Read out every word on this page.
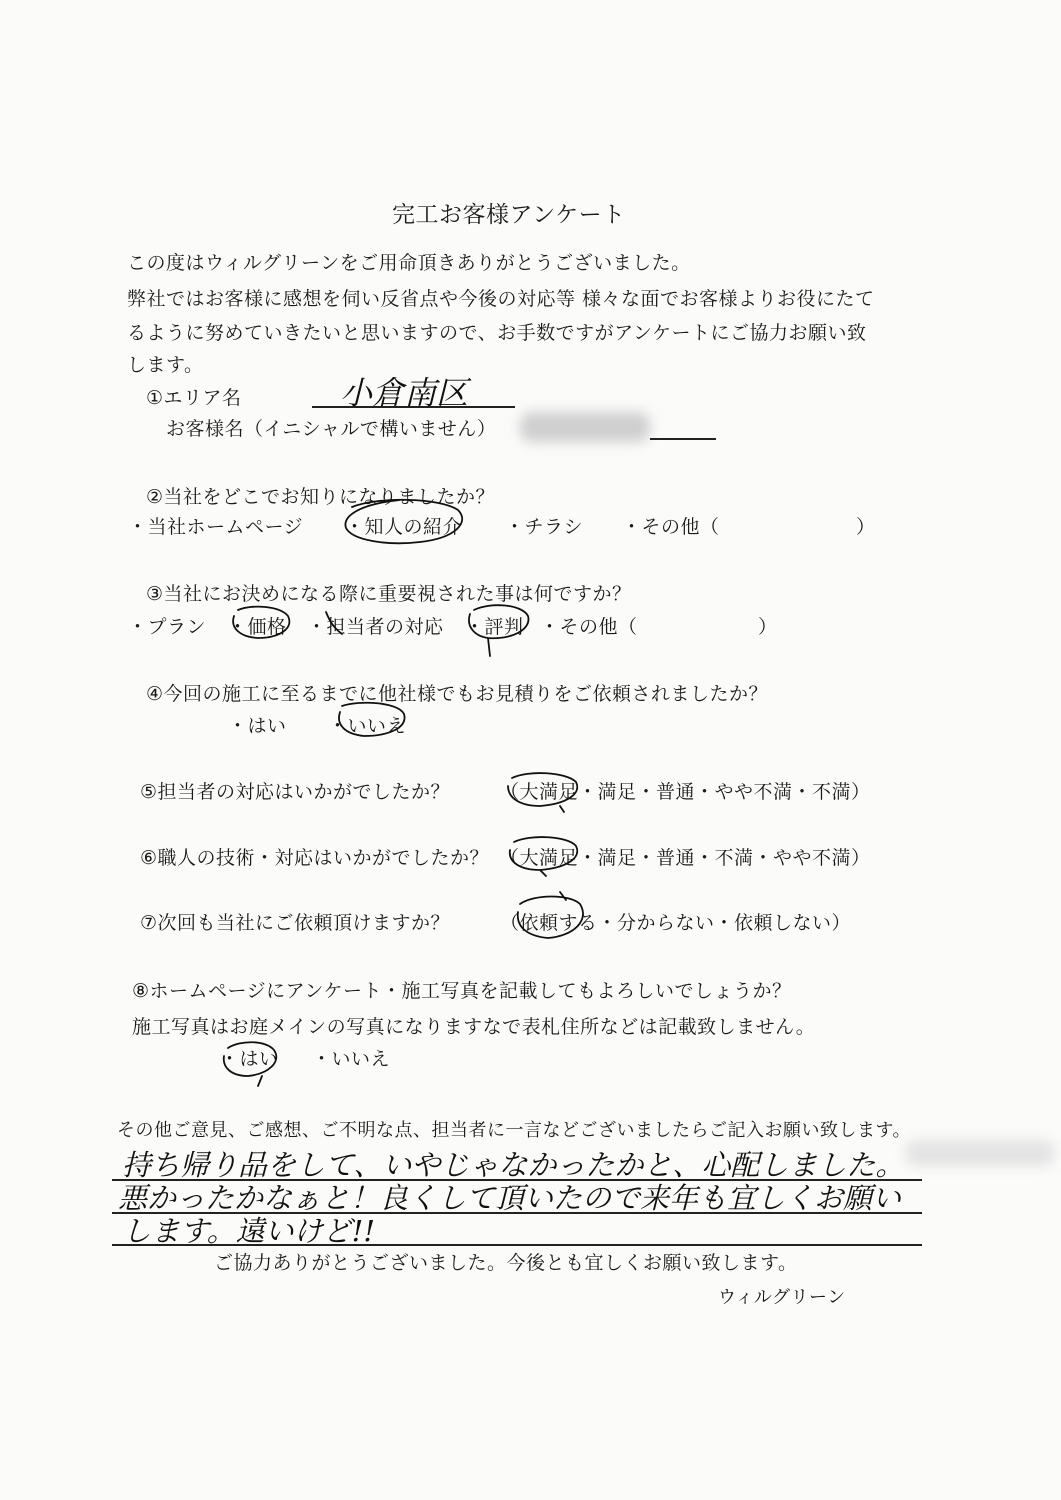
完工お客様アンケート
この度はウィルグリーンをご用命頂きありがとうございました。
弊社ではお客様に感想を伺い反省点や今後の対応等 様々な面でお客様よりお役にたて
るように努めていきたいと思いますので、お手数ですがアンケートにご協力お願い致
します。
①エリア名	小倉南区
お客様名（イニシャルで構いません）
②当社をどこでお知りになりましたか？
・当社ホームページ ・知人の紹介 ・チラシ ・その他（	）
③当社にお決めになる際に重要視された事は何ですか？
・プラン ・価格 ・担当者の対応 ・評判 ・その他（	）
④今回の施工に至るまでに他社様でもお見積りをご依頼されましたか？
・はい ・いいえ
⑤担当者の対応はいかがでしたか？	（大満足・満足・普通・やや不満・不満）
⑥職人の技術・対応はいかがでしたか？ （大満足・満足・普通・不満・やや不満）
⑦次回も当社にご依頼頂けますか？	（依頼する・分からない・依頼しない）
⑧ホームページにアンケート・施工写真を記載してもよろしいでしょうか？
施工写真はお庭メインの写真になりますなで表札住所などは記載致しません。
・はい ・いいえ
その他ご意見、ご感想、ご不明な点、担当者に一言などございましたらご記入お願い致します。
持ち帰り品をして、いやじゃなかったかと、心配しました。
悪かったかなぁと！良くして頂いたので来年も宜しくお願い
します。遠いけど!!
ご協力ありがとうございました。今後とも宜しくお願い致します。
ウィルグリーン
